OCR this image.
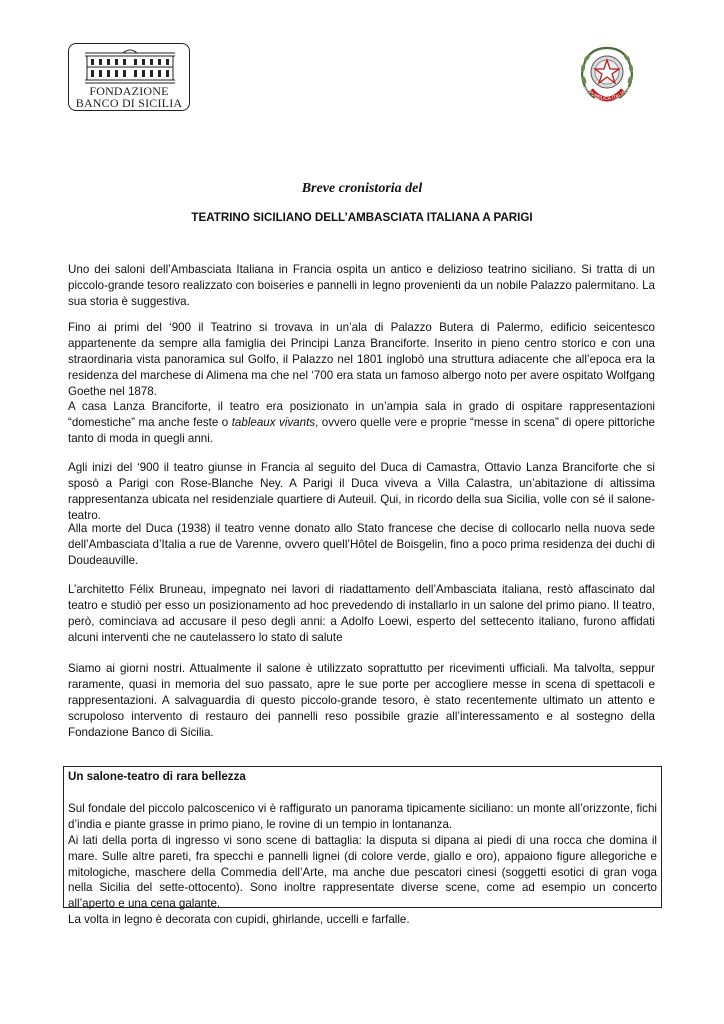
FONDAZIONE
BANCO DI SICILIA
REPUBBLICA ITALIANA
Breve cronistoria del
TEATRINO SICILIANO DELL’AMBASCIATA ITALIANA A PARIGI

Uno dei saloni dell’Ambasciata Italiana in Francia ospita un antico e delizioso teatrino siciliano. Si tratta di un piccolo-grande tesoro realizzato con boiseries e pannelli in legno provenienti da un nobile Palazzo palermitano. La sua storia è suggestiva.

Fino ai primi del ‘900 il Teatrino si trovava in un’ala di Palazzo Butera di Palermo, edificio seicentesco appartenente da sempre alla famiglia dei Principi Lanza Branciforte. Inserito in pieno centro storico e con una straordinaria vista panoramica sul Golfo, il Palazzo nel 1801 inglobò una struttura adiacente che all’epoca era la residenza del marchese di Alimena ma che nel ‘700 era stata un famoso albergo noto per avere ospitato Wolfgang Goethe nel 1878.

A casa Lanza Branciforte, il teatro era posizionato in un’ampia sala in grado di ospitare rappresentazioni “domestiche” ma anche feste o tableaux vivants, ovvero quelle vere e proprie “messe in scena” di opere pittoriche tanto di moda in quegli anni.

Agli inizi del ‘900 il teatro giunse in Francia al seguito del Duca di Camastra, Ottavio Lanza Branciforte che si sposò a Parigi con Rose-Blanche Ney. A Parigi il Duca viveva a Villa Calastra, un’abitazione di altissima rappresentanza ubicata nel residenziale quartiere di Auteuil. Qui, in ricordo della sua Sicilia, volle con sé il salone-teatro.

Alla morte del Duca (1938) il teatro venne donato allo Stato francese che decise di collocarlo nella nuova sede dell’Ambasciata d’Italia a rue de Varenne, ovvero quell’Hôtel de Boisgelin, fino a poco prima residenza dei duchi di Doudeauville.

L’architetto Félix Bruneau, impegnato nei lavori di riadattamento dell’Ambasciata italiana, restò affascinato dal teatro e studiò per esso un posizionamento ad hoc prevedendo di installarlo in un salone del primo piano. Il teatro, però, cominciava ad accusare il peso degli anni: a Adolfo Loewi, esperto del settecento italiano, furono affidati alcuni interventi che ne cautelassero lo stato di salute

Siamo ai giorni nostri. Attualmente il salone è utilizzato soprattutto per ricevimenti ufficiali. Ma talvolta, seppur raramente, quasi in memoria del suo passato, apre le sue porte per accogliere messe in scena di spettacoli e rappresentazioni. A salvaguardia di questo piccolo-grande tesoro, è stato recentemente ultimato un attento e scrupoloso intervento di restauro dei pannelli reso possibile grazie all’interessamento e al sostegno della Fondazione Banco di Sicilia.

Un salone-teatro di rara bellezza

Sul fondale del piccolo palcoscenico vi è raffigurato un panorama tipicamente siciliano: un monte all’orizzonte, fichi d’india e piante grasse in primo piano, le rovine di un tempio in lontananza.
Ai lati della porta di ingresso vi sono scene di battaglia: la disputa si dipana ai piedi di una rocca che domina il mare. Sulle altre pareti, fra specchi e pannelli lignei (di colore verde, giallo e oro), appaiono figure allegoriche e mitologiche, maschere della Commedia dell’Arte, ma anche due pescatori cinesi (soggetti esotici di gran voga nella Sicilia del sette-ottocento). Sono inoltre rappresentate diverse scene, come ad esempio un concerto all’aperto e una cena galante.
La volta in legno è decorata con cupidi, ghirlande, uccelli e farfalle.
